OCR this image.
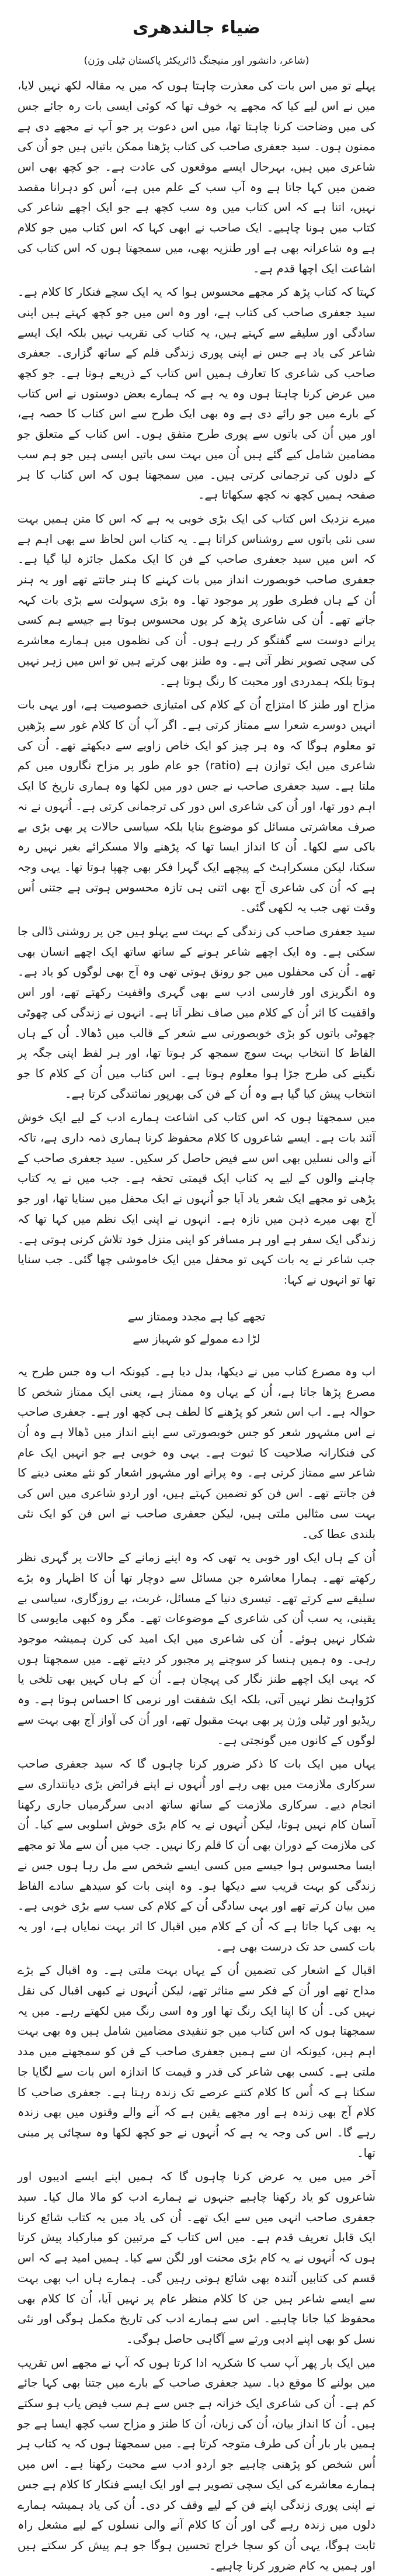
ضیاء جالندھری
(شاعر، دانشور اور منیجنگ ڈائریکٹر پاکستان ٹیلی وژن)

پہلے تو میں اس بات کی معذرت چاہتا ہوں کہ میں یہ مقالہ لکھ نہیں لایا، میں نے اس لیے کیا کہ مجھے یہ خوف تھا کہ کوئی ایسی بات رہ جائے جس کی میں وضاحت کرنا چاہتا تھا، میں اس دعوت پر جو آپ نے مجھے دی ہے ممنون ہوں۔ سید جعفری صاحب کی کتاب پڑھنا ممکن باتیں ہیں جو اُن کی شاعری میں ہیں، بہرحال ایسے موقعوں کی عادت ہے۔ جو کچھ بھی اس ضمن میں کہا جاتا ہے وہ آپ سب کے علم میں ہے، اُس کو دہرانا مقصد نہیں، اتنا ہے کہ اس کتاب میں وہ سب کچھ ہے جو ایک اچھے شاعر کی کتاب میں ہونا چاہیے۔ ایک صاحب نے ابھی کہا کہ اس کتاب میں جو کلام ہے وہ شاعرانہ بھی ہے اور طنزیہ بھی، میں سمجھتا ہوں کہ اس کتاب کی اشاعت ایک اچھا قدم ہے۔

کہتا کہ کتاب پڑھ کر مجھے محسوس ہوا کہ یہ ایک سچے فنکار کا کلام ہے۔ سید جعفری صاحب کی کتاب ہے، اور وہ اس میں جو کچھ کہتے ہیں اپنی سادگی اور سلیقے سے کہتے ہیں، یہ کتاب کی تقریب نہیں بلکہ ایک ایسے شاعر کی یاد ہے جس نے اپنی پوری زندگی قلم کے ساتھ گزاری۔ جعفری صاحب کی شاعری کا تعارف ہمیں اس کتاب کے ذریعے ہوتا ہے۔ جو کچھ میں عرض کرنا چاہتا ہوں وہ یہ ہے کہ ہمارے بعض دوستوں نے اس کتاب کے بارے میں جو رائے دی ہے وہ بھی ایک طرح سے اس کتاب کا حصہ ہے، اور میں اُن کی باتوں سے پوری طرح متفق ہوں۔ اس کتاب کے متعلق جو مضامین شامل کیے گئے ہیں اُن میں بہت سی باتیں ایسی ہیں جو ہم سب کے دلوں کی ترجمانی کرتی ہیں۔ میں سمجھتا ہوں کہ اس کتاب کا ہر صفحہ ہمیں کچھ نہ کچھ سکھاتا ہے۔

میرے نزدیک اس کتاب کی ایک بڑی خوبی یہ ہے کہ اس کا متن ہمیں بہت سی نئی باتوں سے روشناس کراتا ہے۔ یہ کتاب اس لحاظ سے بھی اہم ہے کہ اس میں سید جعفری صاحب کے فن کا ایک مکمل جائزہ لیا گیا ہے۔ جعفری صاحب خوبصورت انداز میں بات کہنے کا ہنر جانتے تھے اور یہ ہنر اُن کے ہاں فطری طور پر موجود تھا۔ وہ بڑی سہولت سے بڑی بات کہہ جاتے تھے۔ اُن کی شاعری پڑھ کر یوں محسوس ہوتا ہے جیسے ہم کسی پرانے دوست سے گفتگو کر رہے ہوں۔ اُن کی نظموں میں ہمارے معاشرے کی سچی تصویر نظر آتی ہے۔ وہ طنز بھی کرتے ہیں تو اس میں زہر نہیں ہوتا بلکہ ہمدردی اور محبت کا رنگ ہوتا ہے۔

مزاح اور طنز کا امتزاج اُن کے کلام کی امتیازی خصوصیت ہے، اور یہی بات انہیں دوسرے شعرا سے ممتاز کرتی ہے۔ اگر آپ اُن کا کلام غور سے پڑھیں تو معلوم ہوگا کہ وہ ہر چیز کو ایک خاص زاویے سے دیکھتے تھے۔ اُن کی شاعری میں ایک توازن ہے (ratio) جو عام طور پر مزاح نگاروں میں کم ملتا ہے۔ سید جعفری صاحب نے جس دور میں لکھا وہ ہماری تاریخ کا ایک اہم دور تھا، اور اُن کی شاعری اس دور کی ترجمانی کرتی ہے۔ اُنہوں نے نہ صرف معاشرتی مسائل کو موضوع بنایا بلکہ سیاسی حالات پر بھی بڑی بے باکی سے لکھا۔ اُن کا انداز ایسا تھا کہ پڑھنے والا مسکرائے بغیر نہیں رہ سکتا، لیکن مسکراہٹ کے پیچھے ایک گہرا فکر بھی چھپا ہوتا تھا۔ یہی وجہ ہے کہ اُن کی شاعری آج بھی اتنی ہی تازہ محسوس ہوتی ہے جتنی اُس وقت تھی جب یہ لکھی گئی۔

سید جعفری صاحب کی زندگی کے بہت سے پہلو ہیں جن پر روشنی ڈالی جا سکتی ہے۔ وہ ایک اچھے شاعر ہونے کے ساتھ ساتھ ایک اچھے انسان بھی تھے۔ اُن کی محفلوں میں جو رونق ہوتی تھی وہ آج بھی لوگوں کو یاد ہے۔ وہ انگریزی اور فارسی ادب سے بھی گہری واقفیت رکھتے تھے، اور اس واقفیت کا اثر اُن کے کلام میں صاف نظر آتا ہے۔ انہوں نے زندگی کی چھوٹی چھوٹی باتوں کو بڑی خوبصورتی سے شعر کے قالب میں ڈھالا۔ اُن کے ہاں الفاظ کا انتخاب بہت سوچ سمجھ کر ہوتا تھا، اور ہر لفظ اپنی جگہ پر نگینے کی طرح جڑا ہوا معلوم ہوتا ہے۔ اس کتاب میں اُن کے کلام کا جو انتخاب پیش کیا گیا ہے وہ اُن کے فن کی بھرپور نمائندگی کرتا ہے۔

میں سمجھتا ہوں کہ اس کتاب کی اشاعت ہمارے ادب کے لیے ایک خوش آئند بات ہے۔ ایسے شاعروں کا کلام محفوظ کرنا ہماری ذمہ داری ہے، تاکہ آنے والی نسلیں بھی اس سے فیض حاصل کر سکیں۔ سید جعفری صاحب کے چاہنے والوں کے لیے یہ کتاب ایک قیمتی تحفہ ہے۔ جب میں نے یہ کتاب پڑھی تو مجھے ایک شعر یاد آیا جو اُنہوں نے ایک محفل میں سنایا تھا، اور جو آج بھی میرے ذہن میں تازہ ہے۔ انہوں نے اپنی ایک نظم میں کہا تھا کہ زندگی ایک سفر ہے اور ہر مسافر کو اپنی منزل خود تلاش کرنی ہوتی ہے۔ جب شاعر نے یہ بات کہی تو محفل میں ایک خاموشی چھا گئی۔ جب سنایا تھا تو انہوں نے کہا:

تجھے کیا ہے مجدد وممتاز سے
لڑا دے ممولے کو شہباز سے

اب وہ مصرع کتاب میں نے دیکھا، بدل دیا ہے۔ کیونکہ اب وہ جس طرح یہ مصرع پڑھا جاتا ہے، اُن کے یہاں وہ ممتاز ہے، یعنی ایک ممتاز شخص کا حوالہ ہے۔ اب اس شعر کو پڑھنے کا لطف ہی کچھ اور ہے۔ جعفری صاحب نے اس مشہور شعر کو جس خوبصورتی سے اپنے انداز میں ڈھالا ہے وہ اُن کی فنکارانہ صلاحیت کا ثبوت ہے۔ یہی وہ خوبی ہے جو انہیں ایک عام شاعر سے ممتاز کرتی ہے۔ وہ پرانے اور مشہور اشعار کو نئے معنی دینے کا فن جانتے تھے۔ اس فن کو تضمین کہتے ہیں، اور اردو شاعری میں اس کی بہت سی مثالیں ملتی ہیں، لیکن جعفری صاحب نے اس فن کو ایک نئی بلندی عطا کی۔

اُن کے ہاں ایک اور خوبی یہ تھی کہ وہ اپنے زمانے کے حالات پر گہری نظر رکھتے تھے۔ ہمارا معاشرہ جن مسائل سے دوچار تھا اُن کا اظہار وہ بڑے سلیقے سے کرتے تھے۔ تیسری دنیا کے مسائل، غربت، بے روزگاری، سیاسی بے یقینی، یہ سب اُن کی شاعری کے موضوعات تھے۔ مگر وہ کبھی مایوسی کا شکار نہیں ہوئے۔ اُن کی شاعری میں ایک امید کی کرن ہمیشہ موجود رہی۔ وہ ہمیں ہنسا کر سوچنے پر مجبور کر دیتے تھے۔ میں سمجھتا ہوں کہ یہی ایک اچھے طنز نگار کی پہچان ہے۔ اُن کے ہاں کہیں بھی تلخی یا کڑواہٹ نظر نہیں آتی، بلکہ ایک شفقت اور نرمی کا احساس ہوتا ہے۔ وہ ریڈیو اور ٹیلی وژن پر بھی بہت مقبول تھے، اور اُن کی آواز آج بھی بہت سے لوگوں کے کانوں میں گونجتی ہے۔

یہاں میں ایک بات کا ذکر ضرور کرنا چاہوں گا کہ سید جعفری صاحب سرکاری ملازمت میں بھی رہے اور اُنہوں نے اپنے فرائض بڑی دیانتداری سے انجام دیے۔ سرکاری ملازمت کے ساتھ ساتھ ادبی سرگرمیاں جاری رکھنا آسان کام نہیں ہوتا، لیکن اُنہوں نے یہ کام بڑی خوش اسلوبی سے کیا۔ اُن کی ملازمت کے دوران بھی اُن کا قلم رکا نہیں۔ جب میں اُن سے ملا تو مجھے ایسا محسوس ہوا جیسے میں کسی ایسے شخص سے مل رہا ہوں جس نے زندگی کو بہت قریب سے دیکھا ہو۔ وہ اپنی بات کو سیدھے سادے الفاظ میں بیان کرتے تھے اور یہی سادگی اُن کے کلام کی سب سے بڑی خوبی ہے۔ یہ بھی کہا جاتا ہے کہ اُن کے کلام میں اقبال کا اثر بہت نمایاں ہے، اور یہ بات کسی حد تک درست بھی ہے۔

اقبال کے اشعار کی تضمین اُن کے یہاں بہت ملتی ہے۔ وہ اقبال کے بڑے مداح تھے اور اُن کے فکر سے متاثر تھے، لیکن اُنہوں نے کبھی اقبال کی نقل نہیں کی۔ اُن کا اپنا ایک رنگ تھا اور وہ اسی رنگ میں لکھتے رہے۔ میں یہ سمجھتا ہوں کہ اس کتاب میں جو تنقیدی مضامین شامل ہیں وہ بھی بہت اہم ہیں، کیونکہ ان سے ہمیں جعفری صاحب کے فن کو سمجھنے میں مدد ملتی ہے۔ کسی بھی شاعر کی قدر و قیمت کا اندازہ اس بات سے لگایا جا سکتا ہے کہ اُس کا کلام کتنے عرصے تک زندہ رہتا ہے۔ جعفری صاحب کا کلام آج بھی زندہ ہے اور مجھے یقین ہے کہ آنے والے وقتوں میں بھی زندہ رہے گا۔ اس کی وجہ یہ ہے کہ اُنہوں نے جو کچھ لکھا وہ سچائی پر مبنی تھا۔

آخر میں میں یہ عرض کرنا چاہوں گا کہ ہمیں اپنے ایسے ادیبوں اور شاعروں کو یاد رکھنا چاہیے جنہوں نے ہمارے ادب کو مالا مال کیا۔ سید جعفری صاحب انہی میں سے ایک تھے۔ اُن کی یاد میں یہ کتاب شائع کرنا ایک قابل تعریف قدم ہے۔ میں اس کتاب کے مرتبین کو مبارکباد پیش کرتا ہوں کہ اُنہوں نے یہ کام بڑی محنت اور لگن سے کیا۔ ہمیں امید ہے کہ اس قسم کی کتابیں آئندہ بھی شائع ہوتی رہیں گی۔ ہمارے ہاں اب بھی بہت سے ایسے شاعر ہیں جن کا کلام منظر عام پر نہیں آیا، اُن کا کلام بھی محفوظ کیا جانا چاہیے۔ اس سے ہمارے ادب کی تاریخ مکمل ہوگی اور نئی نسل کو بھی اپنے ادبی ورثے سے آگاہی حاصل ہوگی۔

میں ایک بار پھر آپ سب کا شکریہ ادا کرتا ہوں کہ آپ نے مجھے اس تقریب میں بولنے کا موقع دیا۔ سید جعفری صاحب کے بارے میں جتنا بھی کہا جائے کم ہے۔ اُن کی شاعری ایک خزانہ ہے جس سے ہم سب فیض یاب ہو سکتے ہیں۔ اُن کا انداز بیان، اُن کی زبان، اُن کا طنز و مزاح سب کچھ ایسا ہے جو ہمیں بار بار اُن کی طرف متوجہ کرتا ہے۔ میں سمجھتا ہوں کہ یہ کتاب ہر اُس شخص کو پڑھنی چاہیے جو اردو ادب سے محبت رکھتا ہے۔ اس میں ہمارے معاشرے کی ایک سچی تصویر ہے اور ایک ایسے فنکار کا کلام ہے جس نے اپنی پوری زندگی اپنے فن کے لیے وقف کر دی۔ اُن کی یاد ہمیشہ ہمارے دلوں میں زندہ رہے گی اور اُن کا کلام آنے والی نسلوں کے لیے مشعل راہ ثابت ہوگا، یہی اُن کو سچا خراج تحسین ہوگا جو ہم پیش کر سکتے ہیں اور ہمیں یہ کام ضرور کرنا چاہیے۔
